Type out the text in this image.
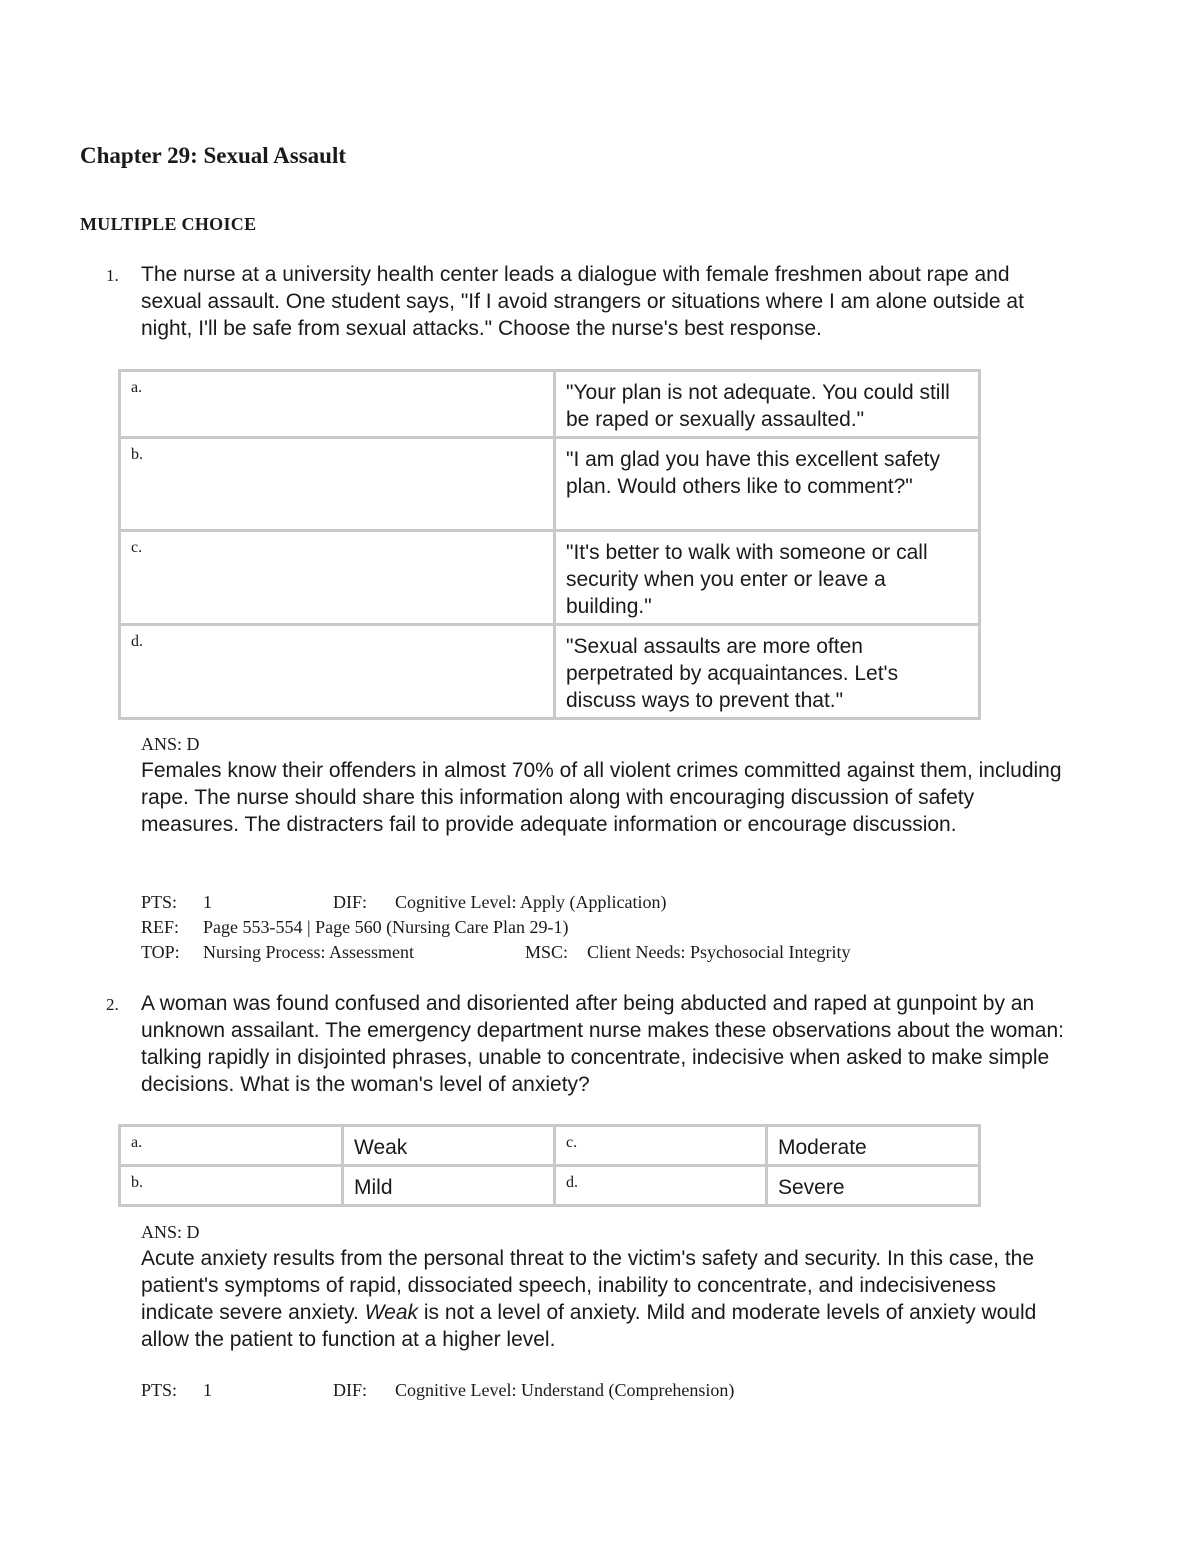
Chapter 29: Sexual Assault
MULTIPLE CHOICE
1. The nurse at a university health center leads a dialogue with female freshmen about rape and sexual assault. One student says, "If I avoid strangers or situations where I am alone outside at night, I'll be safe from sexual attacks." Choose the nurse's best response.

a.	"Your plan is not adequate. You could still be raped or sexually assaulted."
b.	"I am glad you have this excellent safety plan. Would others like to comment?"
c.	"It's better to walk with someone or call security when you enter or leave a building."
d.	"Sexual assaults are more often perpetrated by acquaintances. Let's discuss ways to prevent that."
ANS: D

Females know their offenders in almost 70% of all violent crimes committed against them, including rape. The nurse should share this information along with encouraging discussion of safety measures. The distracters fail to provide adequate information or encourage discussion.

PTS: 1	DIF: Cognitive Level: Apply (Application)
REF: Page 553-554 | Page 560 (Nursing Care Plan 29-1)
TOP: Nursing Process: Assessment	MSC: Client Needs: Psychosocial Integrity
2. A woman was found confused and disoriented after being abducted and raped at gunpoint by an unknown assailant. The emergency department nurse makes these observations about the woman: talking rapidly in disjointed phrases, unable to concentrate, indecisive when asked to make simple decisions. What is the woman's level of anxiety?

a.	Weak	c.	Moderate
b.	Mild	d.	Severe
ANS: D

Acute anxiety results from the personal threat to the victim's safety and security. In this case, the patient's symptoms of rapid, dissociated speech, inability to concentrate, and indecisiveness indicate severe anxiety. Weak is not a level of anxiety. Mild and moderate levels of anxiety would allow the patient to function at a higher level.

PTS: 1	DIF: Cognitive Level: Understand (Comprehension)
